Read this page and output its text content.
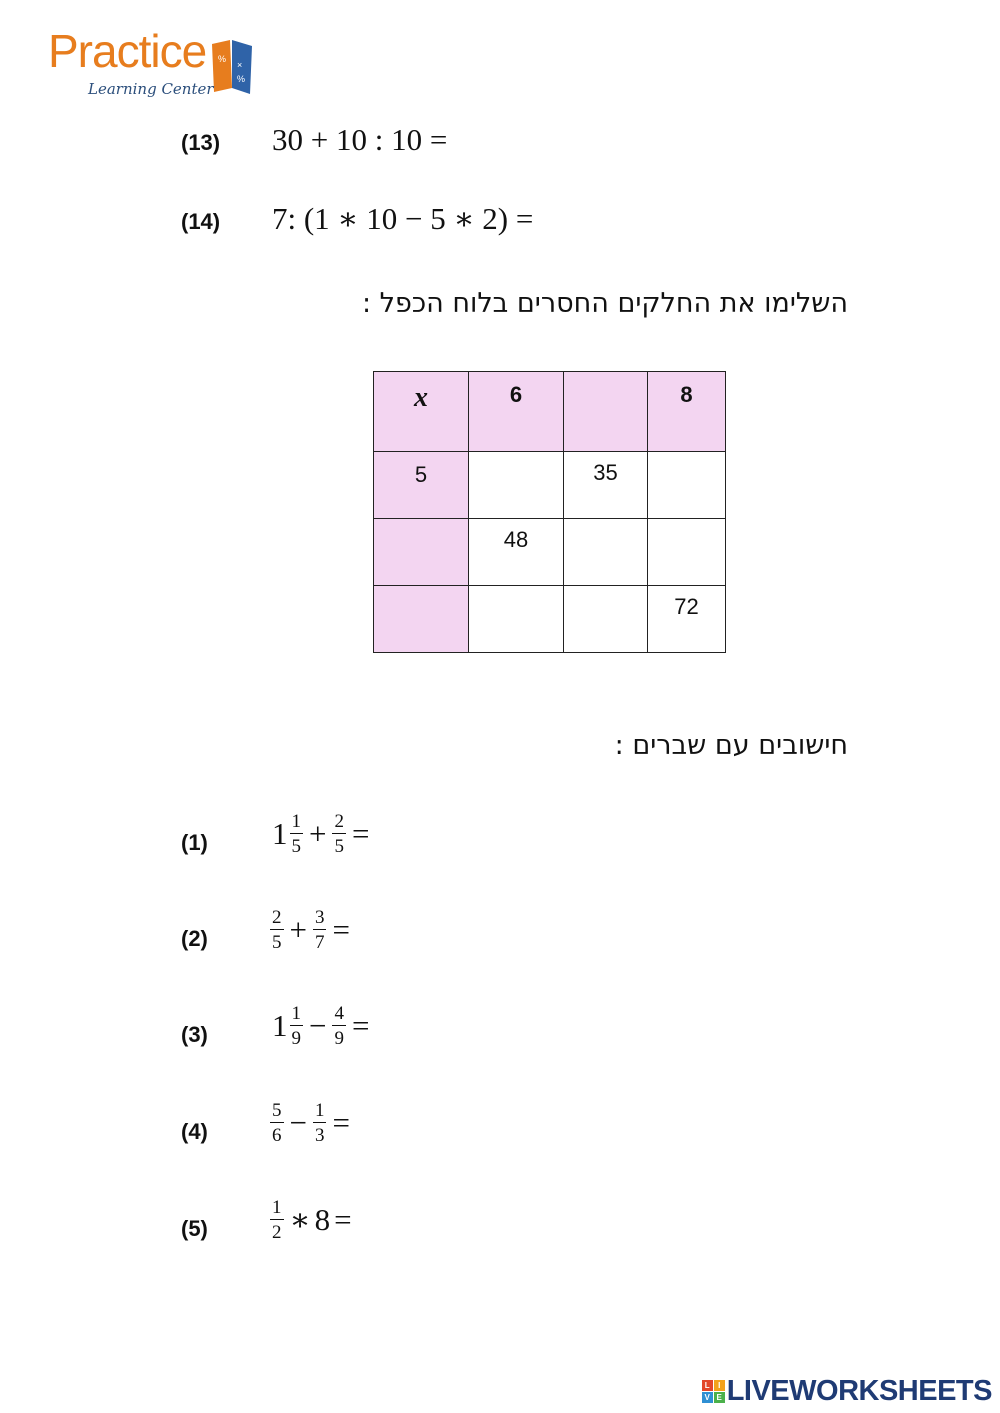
Practice %
×
%
Learning Center
(13) 30 + 10 : 10 =
(14) 7: (1 ∗ 10 − 5 ∗ 2) =
השלימו את החלקים החסרים בלוח הכפל :
x	6		8

5		35	

	48		

			72
חישובים עם שברים :
(1) $1 \frac{1}{5} + \frac{2}{5}$ =
(2)	$\frac{2}{5} + \frac{3}{7}$ =
(3) $1 \frac{1}{9} - \frac{4}{9}$ =
(4)	$\frac{5}{6} - \frac{1}{3}$ =
(5)	$\frac{1}{2}$ ∗ 8 =
L	I
V E LIVEWORKSHEETS
